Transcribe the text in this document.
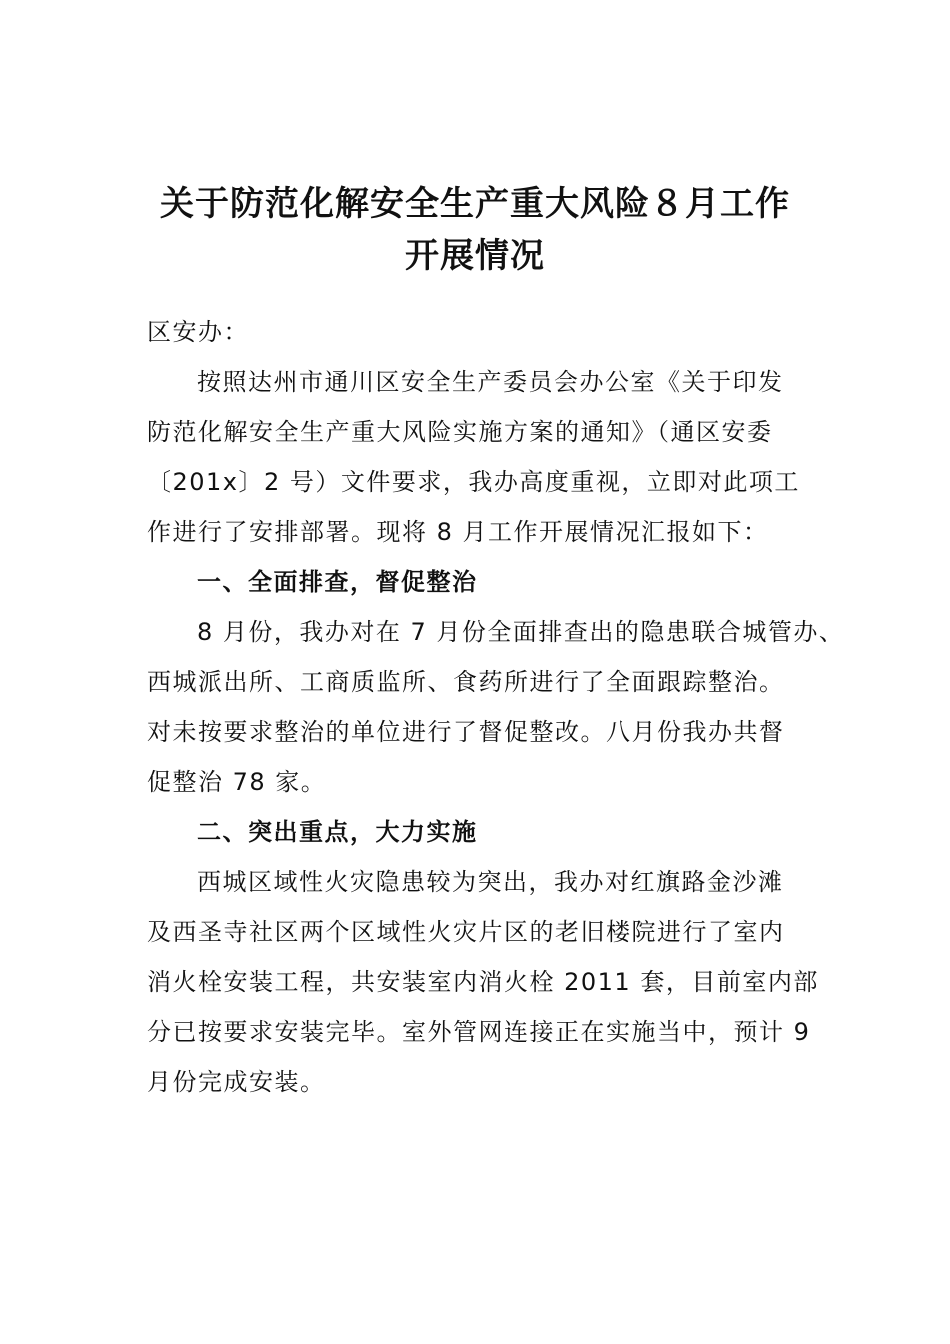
关于防范化解安全生产重大风险８月工作
开展情况
区安办：
按照达州市通川区安全生产委员会办公室《关于印发
防范化解安全生产重大风险实施方案的通知》（通区安委
〔201x〕2 号）文件要求，我办高度重视，立即对此项工
作进行了安排部署。现将 8 月工作开展情况汇报如下：
一、全面排查，督促整治
8 月份，我办对在 7 月份全面排查出的隐患联合城管办、
西城派出所、工商质监所、食药所进行了全面跟踪整治。
对未按要求整治的单位进行了督促整改。八月份我办共督
促整治 78 家。
二、突出重点，大力实施
西城区域性火灾隐患较为突出，我办对红旗路金沙滩
及西圣寺社区两个区域性火灾片区的老旧楼院进行了室内
消火栓安装工程，共安装室内消火栓 2011 套，目前室内部
分已按要求安装完毕。室外管网连接正在实施当中，预计 9
月份完成安装。
